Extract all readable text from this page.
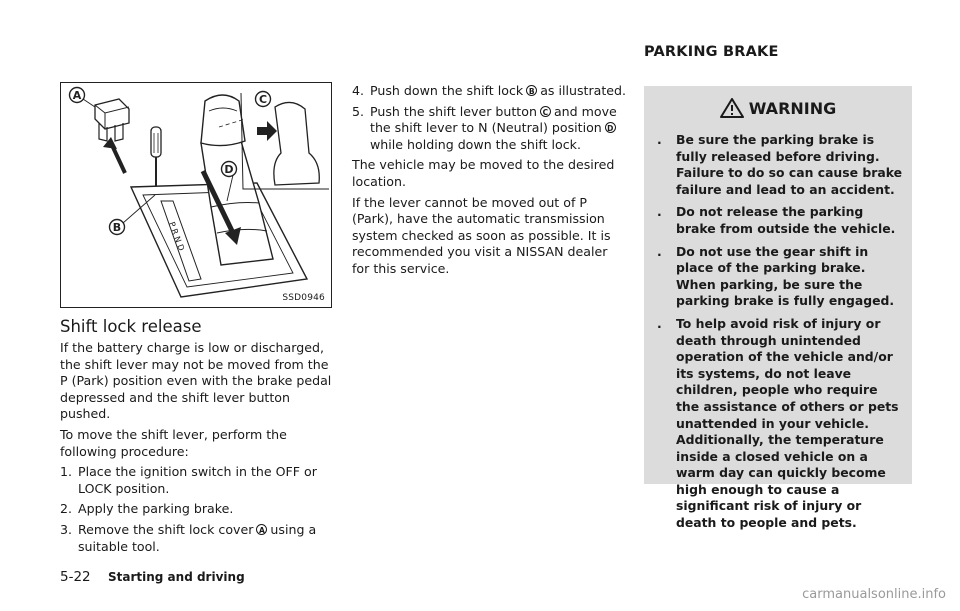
P R N D
A
B
C
D
SSD0946
Shift lock release

If the battery charge is low or discharged, the shift lever may not be moved from the P (Park) position even with the brake pedal depressed and the shift lever button pushed.

To move the shift lever, perform the following procedure:

1. Place the ignition switch in the OFF or LOCK position.
2. Apply the parking brake.
3. Remove the shift lock cover A using a suitable tool.
4. Push down the shift lock B as illustrated.
5. Push the shift lever button C and move the shift lever to N (Neutral) position Dwhile holding down the shift lock.

The vehicle may be moved to the desired location.

If the lever cannot be moved out of P (Park), have the automatic transmission system checked as soon as possible. It is recommended you visit a NISSAN dealer for this service.

PARKING BRAKE
WARNING

. Be sure the parking brake is fully released before driving. Failure to do so can cause brake failure and lead to an accident.

. Do not release the parking brake from outside the vehicle.

. Do not use the gear shift in place of the parking brake. When parking, be sure the parking brake is fully engaged.

. To help avoid risk of injury or death through unintended operation of the vehicle and/or its systems, do not leave children, people who require the assistance of others or pets unattended in your vehicle. Additionally, the temperature inside a closed vehicle on a warm day can quickly become high enough to cause a significant risk of injury or death to people and pets.

5-22 Starting and driving
carmanualsonline.info
